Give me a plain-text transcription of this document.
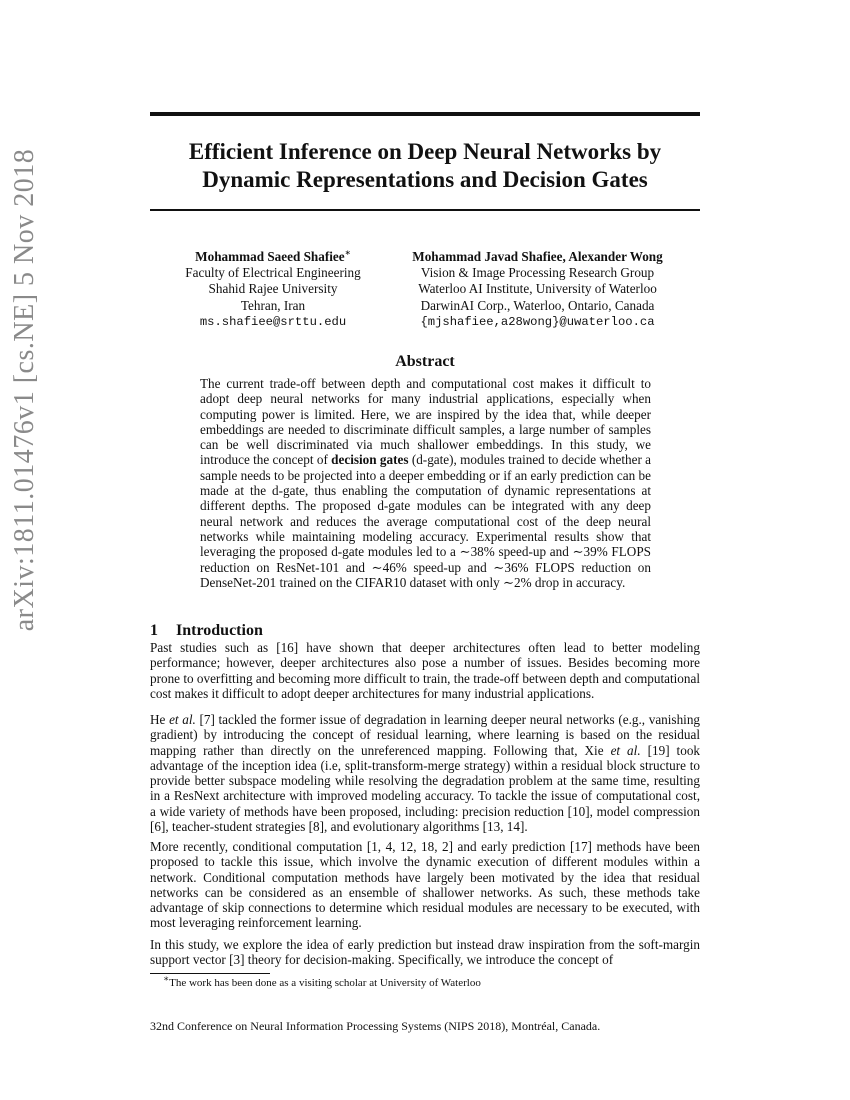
arXiv:1811.01476v1 [cs.NE] 5 Nov 2018	Efficient Inference on Deep Neural Networks by
Dynamic Representations and Decision Gates
Mohammad Saeed Shafiee∗
Faculty of Electrical Engineering
Shahid Rajee University
Tehran, Iran
ms.shafiee@srttu.edu
Mohammad Javad Shafiee, Alexander Wong
Vision & Image Processing Research Group
Waterloo AI Institute, University of Waterloo
DarwinAI Corp., Waterloo, Ontario, Canada
{mjshafiee,a28wong}@uwaterloo.ca
Abstract

The current trade-off between depth and computational cost makes it difficult to adopt deep neural networks for many industrial applications, especially when computing power is limited. Here, we are inspired by the idea that, while deeper embeddings are needed to discriminate difficult samples, a large number of samples can be well discriminated via much shallower embeddings. In this study, we introduce the concept of decision gates (d-gate), modules trained to decide whether a sample needs to be projected into a deeper embedding or if an early prediction can be made at the d-gate, thus enabling the computation of dynamic representations at different depths. The proposed d-gate modules can be integrated with any deep neural network and reduces the average computational cost of the deep neural networks while maintaining modeling accuracy. Experimental results show that leveraging the proposed d-gate modules led to a ∼38% speed-up and ∼39% FLOPS reduction on ResNet-101 and ∼46% speed-up and ∼36% FLOPS reduction on DenseNet-201 trained on the CIFAR10 dataset with only ∼2% drop in accuracy.

1 Introduction

Past studies such as [16] have shown that deeper architectures often lead to better modeling performance; however, deeper architectures also pose a number of issues. Besides becoming more prone to overfitting and becoming more difficult to train, the trade-off between depth and computational cost makes it difficult to adopt deeper architectures for many industrial applications.

He et al. [7] tackled the former issue of degradation in learning deeper neural networks (e.g., vanishing gradient) by introducing the concept of residual learning, where learning is based on the residual mapping rather than directly on the unreferenced mapping. Following that, Xie et al. [19] took advantage of the inception idea (i.e, split-transform-merge strategy) within a residual block structure to provide better subspace modeling while resolving the degradation problem at the same time, resulting in a ResNext architecture with improved modeling accuracy. To tackle the issue of computational cost, a wide variety of methods have been proposed, including: precision reduction [10], model compression [6], teacher-student strategies [8], and evolutionary algorithms [13, 14].

More recently, conditional computation [1, 4, 12, 18, 2] and early prediction [17] methods have been proposed to tackle this issue, which involve the dynamic execution of different modules within a network. Conditional computation methods have largely been motivated by the idea that residual networks can be considered as an ensemble of shallower networks. As such, these methods take advantage of skip connections to determine which residual modules are necessary to be executed, with most leveraging reinforcement learning.

In this study, we explore the idea of early prediction but instead draw inspiration from the soft-margin support vector [3] theory for decision-making. Specifically, we introduce the concept of

∗The work has been done as a visiting scholar at University of Waterloo
32nd Conference on Neural Information Processing Systems (NIPS 2018), Montréal, Canada.
